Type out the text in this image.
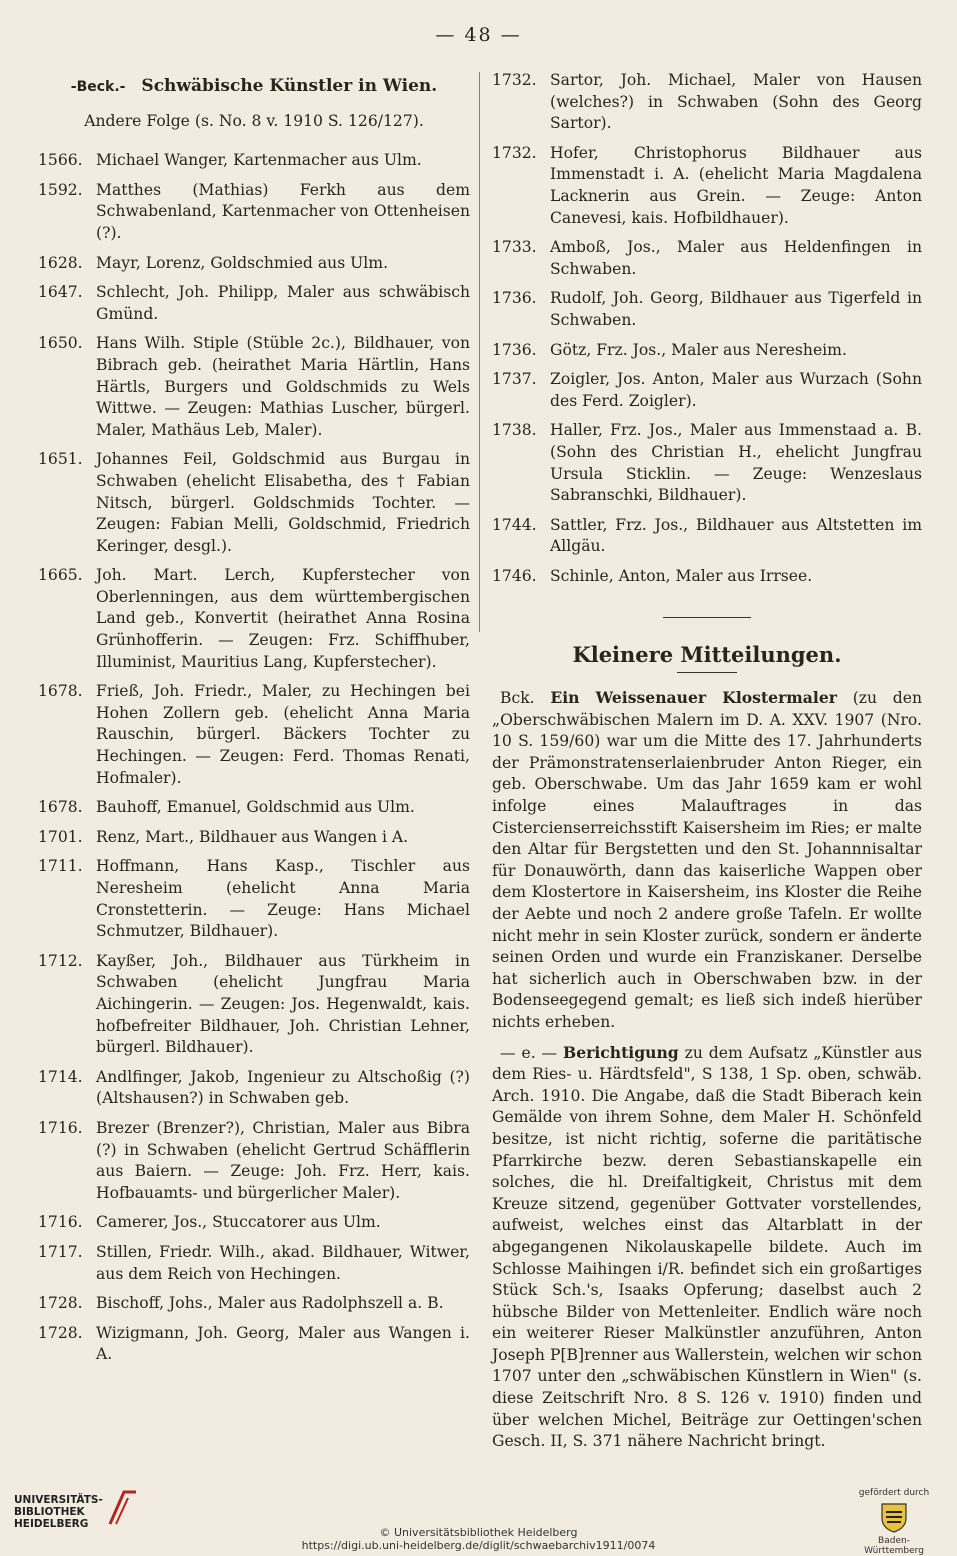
— 48 —
-Beck.- Schwäbische Künstler in Wien.
Andere Folge (s. No. 8 v. 1910 S. 126/127).
1566. Michael Wanger, Kartenmacher aus Ulm.
1592. Matthes (Mathias) Ferkh aus dem Schwabenland, Kartenmacher von Ottenheisen (?).
1628. Mayr, Lorenz, Goldschmied aus Ulm.
1647. Schlecht, Joh. Philipp, Maler aus schwäbisch Gmünd.
1650. Hans Wilh. Stiple (Stüble 2c.), Bildhauer, von Bibrach geb. (heirathet Maria Härtlin, Hans Härtls, Burgers und Goldschmids zu Wels Wittwe. — Zeugen: Mathias Luscher, bürgerl. Maler, Mathäus Leb, Maler).
1651. Johannes Feil, Goldschmid aus Burgau in Schwaben (ehelicht Elisabetha, des † Fabian Nitsch, bürgerl. Goldschmids Tochter. — Zeugen: Fabian Melli, Goldschmid, Friedrich Keringer, desgl.).
1665. Joh. Mart. Lerch, Kupferstecher von Oberlenningen, aus dem württembergischen Land geb., Konvertit (heirathet Anna Rosina Grünhofferin. — Zeugen: Frz. Schiffhuber, Illuminist, Mauritius Lang, Kupferstecher).
1678. Frieß, Joh. Friedr., Maler, zu Hechingen bei Hohen Zollern geb. (ehelicht Anna Maria Rauschin, bürgerl. Bäckers Tochter zu Hechingen. — Zeugen: Ferd. Thomas Renati, Hofmaler).
1678. Bauhoff, Emanuel, Goldschmid aus Ulm.
1701. Renz, Mart., Bildhauer aus Wangen i A.
1711. Hoffmann, Hans Kasp., Tischler aus Neresheim (ehelicht Anna Maria Cronstetterin. — Zeuge: Hans Michael Schmutzer, Bildhauer).
1712. Kayßer, Joh., Bildhauer aus Türkheim in Schwaben (ehelicht Jungfrau Maria Aichingerin. — Zeugen: Jos. Hegenwaldt, kais. hofbefreiter Bildhauer, Joh. Christian Lehner, bürgerl. Bildhauer).
1714. Andlfinger, Jakob, Ingenieur zu Altschoßig (?) (Altshausen?) in Schwaben geb.
1716. Brezer (Brenzer?), Christian, Maler aus Bibra (?) in Schwaben (ehelicht Gertrud Schäfflerin aus Baiern. — Zeuge: Joh. Frz. Herr, kais. Hofbauamts- und bürgerlicher Maler).
1716. Camerer, Jos., Stuccatorer aus Ulm.
1717. Stillen, Friedr. Wilh., akad. Bildhauer, Witwer, aus dem Reich von Hechingen.
1728. Bischoff, Johs., Maler aus Radolphszell a. B.
1728. Wizigmann, Joh. Georg, Maler aus Wangen i. A.
1732. Sartor, Joh. Michael, Maler von Hausen (welches?) in Schwaben (Sohn des Georg Sartor).
1732. Hofer, Christophorus Bildhauer aus Immenstadt i. A. (ehelicht Maria Magdalena Lacknerin aus Grein. — Zeuge: Anton Canevesi, kais. Hofbildhauer).
1733. Amboß, Jos., Maler aus Heldenfingen in Schwaben.
1736. Rudolf, Joh. Georg, Bildhauer aus Tigerfeld in Schwaben.
1736. Götz, Frz. Jos., Maler aus Neresheim.
1737. Zoigler, Jos. Anton, Maler aus Wurzach (Sohn des Ferd. Zoigler).
1738. Haller, Frz. Jos., Maler aus Immenstaad a. B. (Sohn des Christian H., ehelicht Jungfrau Ursula Sticklin. — Zeuge: Wenzeslaus Sabranschki, Bildhauer).
1744. Sattler, Frz. Jos., Bildhauer aus Altstetten im Allgäu.
1746. Schinle, Anton, Maler aus Irrsee.
Kleinere Mitteilungen.

Bck. Ein Weissenauer Klostermaler (zu den „Oberschwäbischen Malern im D. A. XXV. 1907 (Nro. 10 S. 159/60) war um die Mitte des 17. Jahrhunderts der Prämonstratenserlaienbruder Anton Rieger, ein geb. Oberschwabe. Um das Jahr 1659 kam er wohl infolge eines Malauftrages in das Cistercienserreichsstift Kaisersheim im Ries; er malte den Altar für Bergstetten und den St. Johannnisaltar für Donauwörth, dann das kaiserliche Wappen ober dem Klostertore in Kaisersheim, ins Kloster die Reihe der Aebte und noch 2 andere große Tafeln. Er wollte nicht mehr in sein Kloster zurück, sondern er änderte seinen Orden und wurde ein Franziskaner. Derselbe hat sicherlich auch in Oberschwaben bzw. in der Bodenseegegend gemalt; es ließ sich indeß hierüber nichts erheben.

— e. — Berichtigung zu dem Aufsatz „Künstler aus dem Ries- u. Härdtsfeld", S 138, 1 Sp. oben, schwäb. Arch. 1910. Die Angabe, daß die Stadt Biberach kein Gemälde von ihrem Sohne, dem Maler H. Schönfeld besitze, ist nicht richtig, soferne die paritätische Pfarrkirche bezw. deren Sebastianskapelle ein solches, die hl. Dreifaltigkeit, Christus mit dem Kreuze sitzend, gegenüber Gottvater vorstellendes, aufweist, welches einst das Altarblatt in der abgegangenen Nikolauskapelle bildete. Auch im Schlosse Maihingen i/R. befindet sich ein großartiges Stück Sch.'s, Isaaks Opferung; daselbst auch 2 hübsche Bilder von Mettenleiter. Endlich wäre noch ein weiterer Rieser Malkünstler anzuführen, Anton Joseph P[B]renner aus Wallerstein, welchen wir schon 1707 unter den „schwäbischen Künstlern in Wien" (s. diese Zeitschrift Nro. 8 S. 126 v. 1910) finden und über welchen Michel, Beiträge zur Oettingen'schen Gesch. II, S. 371 nähere Nachricht bringt.

UNIVERSITÄTS-
BIBLIOTHEK
HEIDELBERG
© Universitätsbibliothek Heidelberg
https://digi.ub.uni-heidelberg.de/diglit/schwaebarchiv1911/0074
gefördert durch
Baden-Württemberg
